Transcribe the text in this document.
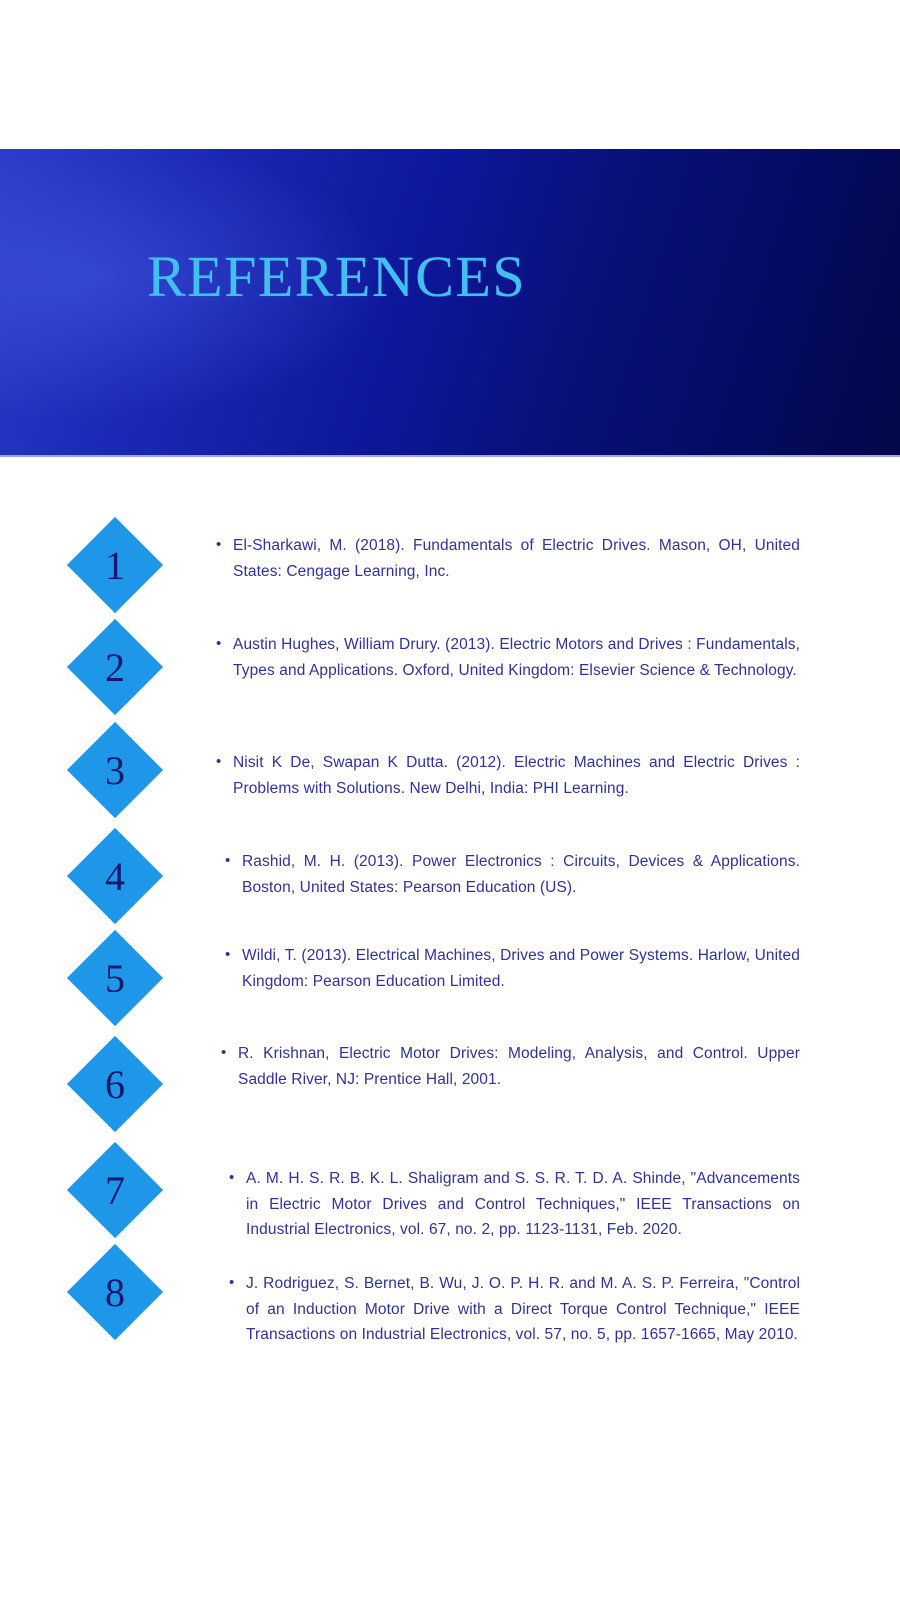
REFERENCES
1	• El-Sharkawi, M. (2018). Fundamentals of Electric Drives. Mason, OH, United States: Cengage Learning, Inc.

2
• Austin Hughes, William Drury. (2013). Electric Motors and Drives : Fundamentals, Types and Applications. Oxford, United Kingdom: Elsevier Science & Technology.

3	• Nisit K De, Swapan K Dutta. (2012). Electric Machines and Electric Drives : Problems with Solutions. New Delhi, India: PHI Learning.

4	• Rashid, M. H. (2013). Power Electronics : Circuits, Devices & Applications. Boston, United States: Pearson Education (US).

5
• Wildi, T. (2013). Electrical Machines, Drives and Power Systems. Harlow, United Kingdom: Pearson Education Limited.

6
• R. Krishnan, Electric Motor Drives: Modeling, Analysis, and Control. Upper Saddle River, NJ: Prentice Hall, 2001.

7	• A. M. H. S. R. B. K. L. Shaligram and S. S. R. T. D. A. Shinde, "Advancements in Electric Motor Drives and Control Techniques," IEEE Transactions on Industrial Electronics, vol. 67, no. 2, pp. 1123-1131, Feb. 2020.

8	• J. Rodriguez, S. Bernet, B. Wu, J. O. P. H. R. and M. A. S. P. Ferreira, "Control of an Induction Motor Drive with a Direct Torque Control Technique," IEEE Transactions on Industrial Electronics, vol. 57, no. 5, pp. 1657-1665, May 2010.
